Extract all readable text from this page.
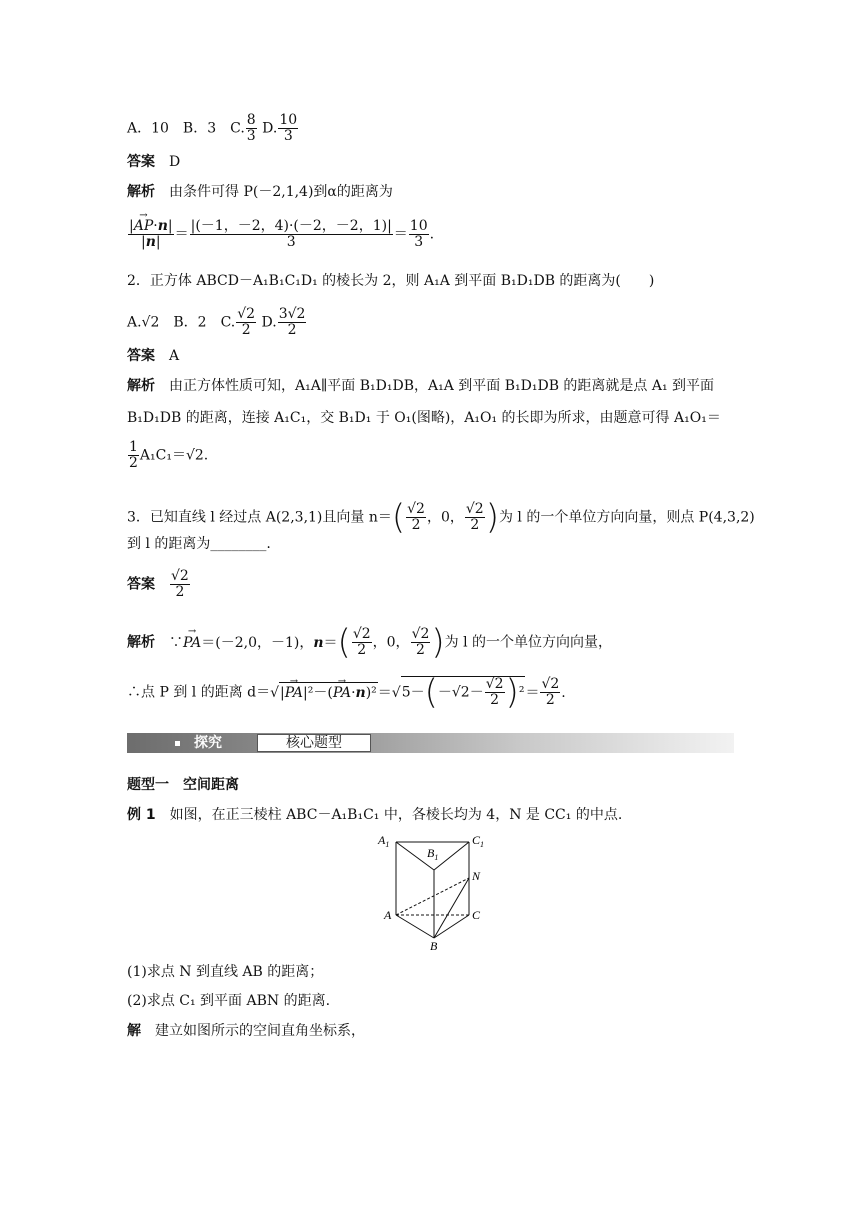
A．10　B．3　C. $\frac{8}{3} D$. $\frac{10}{3}$
答案　 D
解析　 由条件可得 P(－2,1,4)到α的距离为
$\frac{|\to AP\cdot n|}{|n|} = \frac{|(-1,-2,4)\cdot(-2,-2,1)|}{3} = \frac{10}{3}$ .
2．正方体 ABCD－A₁B₁C₁D₁ 的棱长为 2，则 A₁A 到平面 B₁D₁DB 的距离为(　　)
A.√2　B．2　C. $\frac{√2}{2} D$. $\frac{3√2}{2}$
答案　 A
解析　 由正方体性质可知，A₁A∥平面 B₁D₁DB，A₁A 到平面 B₁D₁DB 的距离就是点 A₁ 到平面
B₁D₁DB 的距离，连接 A₁C₁，交 B₁D₁ 于 O₁(图略)，A₁O₁ 的长即为所求，由题意可得 A₁O₁＝
$\frac{1}{2} A_1C_1=√2$.
3．已知直线 l 经过点 A(2,3,1)且向量 $n=( \frac{√2}{2}$ ，0， $\frac{√2}{2}$ )为 l 的一个单位方向向量，则点 P(4,3,2)
到 l 的距离为________.
答案　 $\frac{√2}{2}$
解析　 ∵→ PA＝(－2,0，－1)，$n=( \frac{√2}{2}$ ，0， $\frac{√2}{2}$ )为 l 的一个单位方向向量，
∴点 P 到 l 的距离 $d=√|\to PA|^2-(\to PA\cdot n)^2=√5-(-√2- \frac{√2}{2} )^2= \frac{√2}{2}$ .
探究	核心题型
题型一　空间距离
例 1　 如图，在正三棱柱 ABC－A₁B₁C₁ 中，各棱长均为 4，N 是 CC₁ 的中点.
$A_1$
$B_1$
$C_1$
N
A	C
B
(1)求点 N 到直线 AB 的距离；
(2)求点 C₁ 到平面 ABN 的距离.
解　 建立如图所示的空间直角坐标系，
